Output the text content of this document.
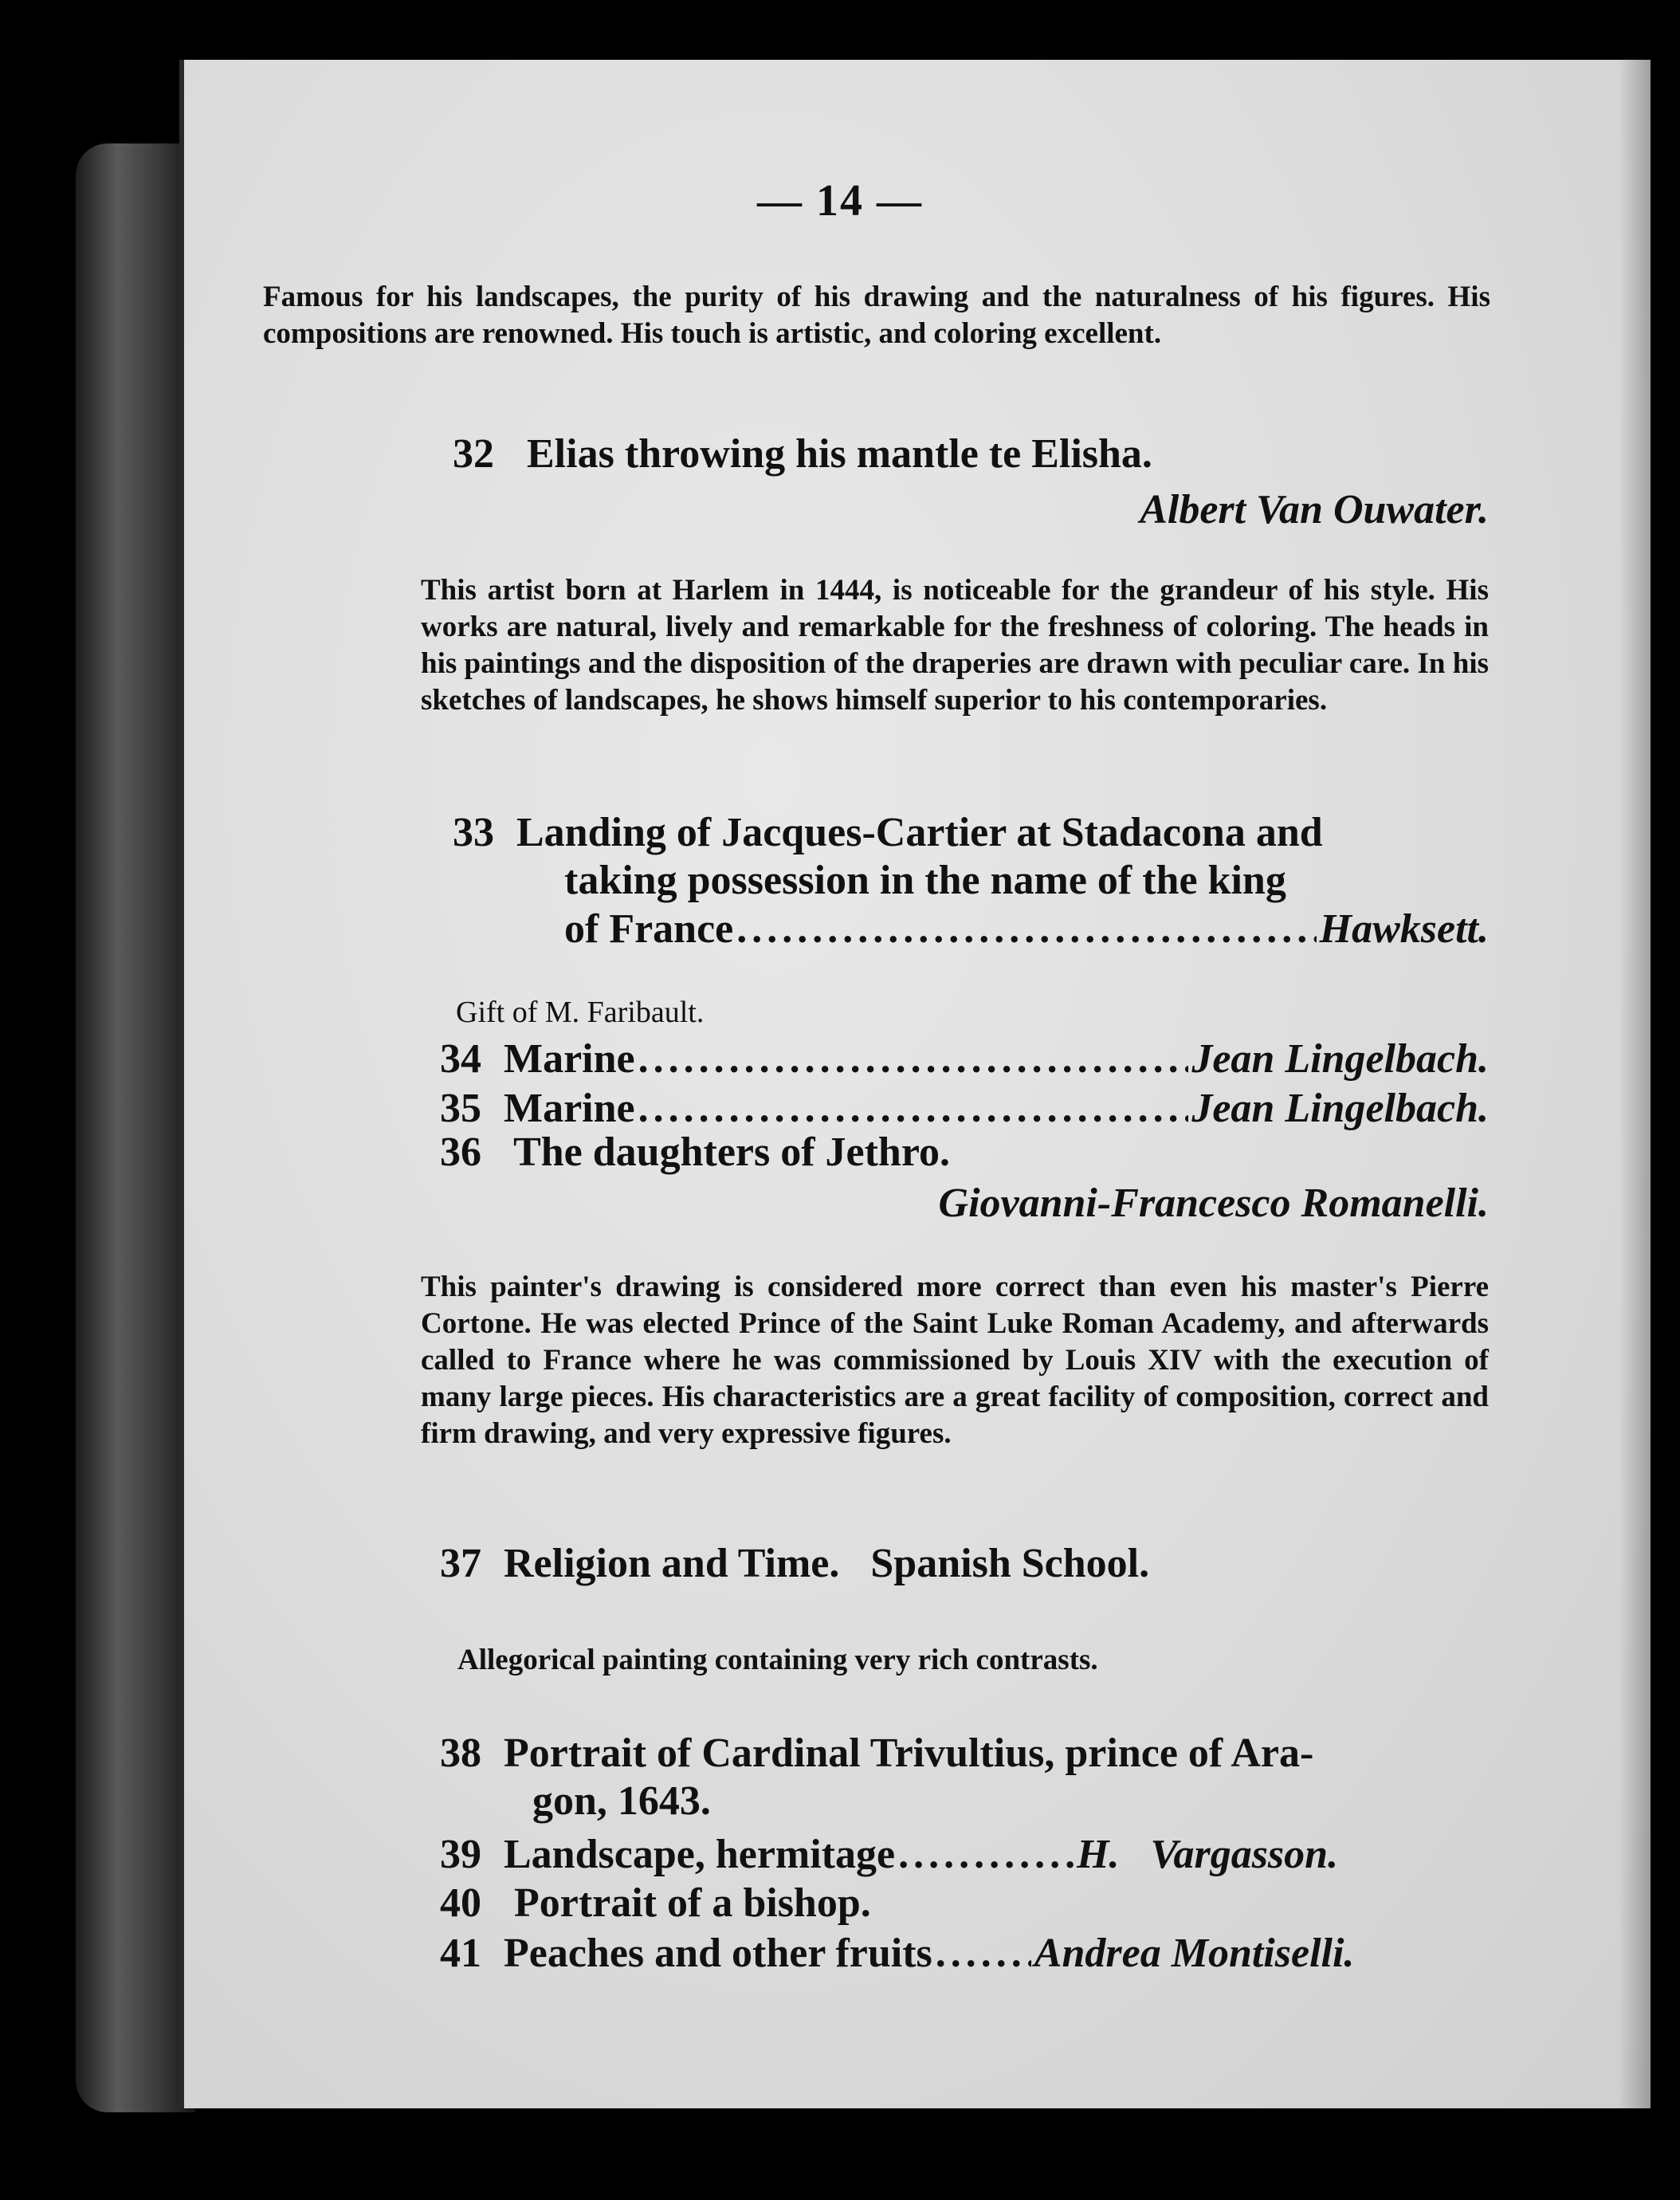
— 14 —
Famous for his landscapes, the purity of his drawing and the naturalness of his figures. His compositions are renowned. His touch is artistic, and coloring excellent.
32 Elias throwing his mantle te Elisha.
Albert Van Ouwater.
This artist born at Harlem in 1444, is noticeable for the grandeur of his style. His works are natural, lively and remarkable for the freshness of coloring. The heads in his paintings and the disposition of the draperies are drawn with peculiar care. In his sketches of landscapes, he shows himself superior to his contemporaries.
33 Landing of Jacques-Cartier at Stadacona and
taking possession in the name of the king
of France .....	Hawksett.
Gift of M. Faribault.
34 Marine .....	Jean Lingelbach.
35 Marine .....	Jean Lingelbach.
36 The daughters of Jethro.
Giovanni-Francesco Romanelli.
This painter's drawing is considered more correct than even his master's Pierre Cortone. He was elected Prince of the Saint Luke Roman Academy, and afterwards called to France where he was commissioned by Louis XIV with the execution of many large pieces. His characteristics are a great facility of composition, correct and firm drawing, and very expressive figures.
37 Religion and Time.   Spanish School.
Allegorical painting containing very rich contrasts.
38 Portrait of Cardinal Trivultius, prince of Ara-
gon, 1643.
39 Landscape, hermitage .....	H.   Vargasson.
40 Portrait of a bishop.
41 Peaches and other fruits ..... Andrea Montiselli.
